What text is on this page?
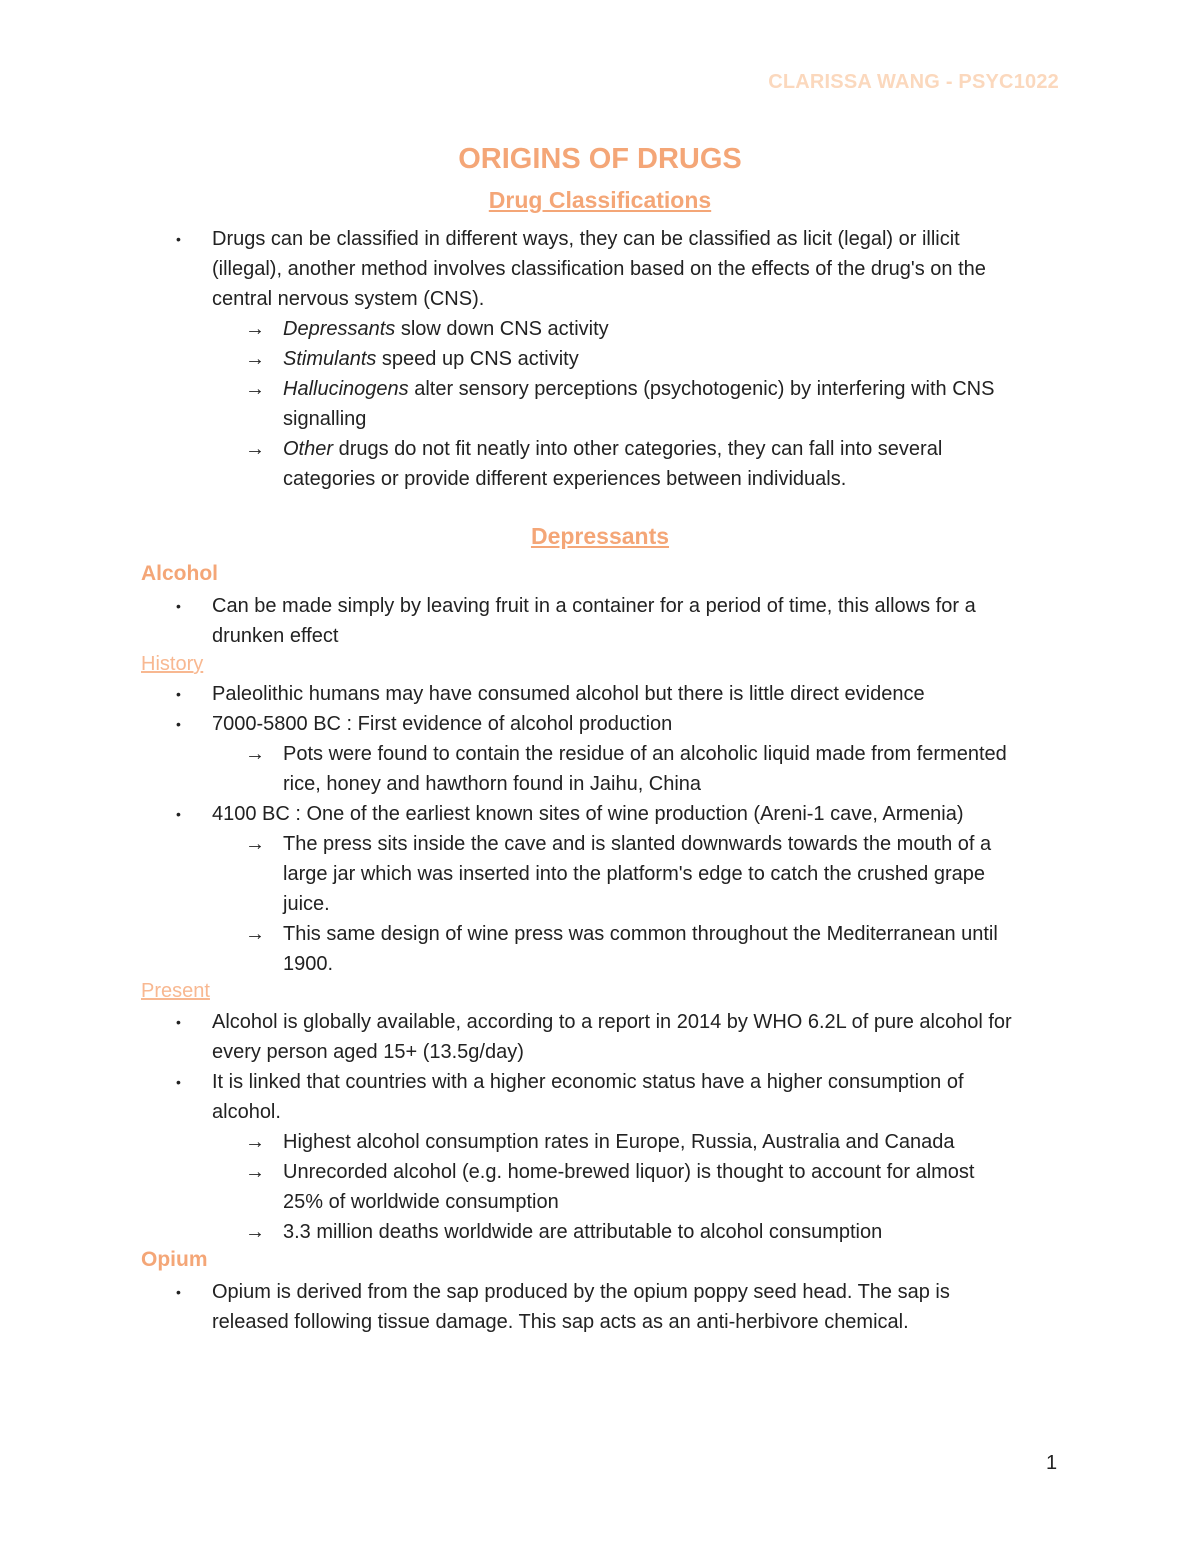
CLARISSA WANG - PSYC1022
ORIGINS OF DRUGS
Drug Classifications
• Drugs can be classified in different ways, they can be classified as licit (legal) or illicit
(illegal), another method involves classification based on the effects of the drug's on the
central nervous system (CNS).
→ Depressants slow down CNS activity
→ Stimulants speed up CNS activity
→ Hallucinogens alter sensory perceptions (psychotogenic) by interfering with CNS
signalling
→ Other drugs do not fit neatly into other categories, they can fall into several
categories or provide different experiences between individuals.
Depressants
Alcohol
• Can be made simply by leaving fruit in a container for a period of time, this allows for a
drunken effect
History
• Paleolithic humans may have consumed alcohol but there is little direct evidence
• 7000-5800 BC : First evidence of alcohol production
→ Pots were found to contain the residue of an alcoholic liquid made from fermented
rice, honey and hawthorn found in Jaihu, China
• 4100 BC : One of the earliest known sites of wine production (Areni-1 cave, Armenia)
→ The press sits inside the cave and is slanted downwards towards the mouth of a
large jar which was inserted into the platform's edge to catch the crushed grape
juice.
→ This same design of wine press was common throughout the Mediterranean until
1900.
Present
• Alcohol is globally available, according to a report in 2014 by WHO 6.2L of pure alcohol for
every person aged 15+ (13.5g/day)
• It is linked that countries with a higher economic status have a higher consumption of
alcohol.
→ Highest alcohol consumption rates in Europe, Russia, Australia and Canada
→ Unrecorded alcohol (e.g. home-brewed liquor) is thought to account for almost
25% of worldwide consumption
→ 3.3 million deaths worldwide are attributable to alcohol consumption
Opium
• Opium is derived from the sap produced by the opium poppy seed head. The sap is
released following tissue damage. This sap acts as an anti-herbivore chemical.
1
